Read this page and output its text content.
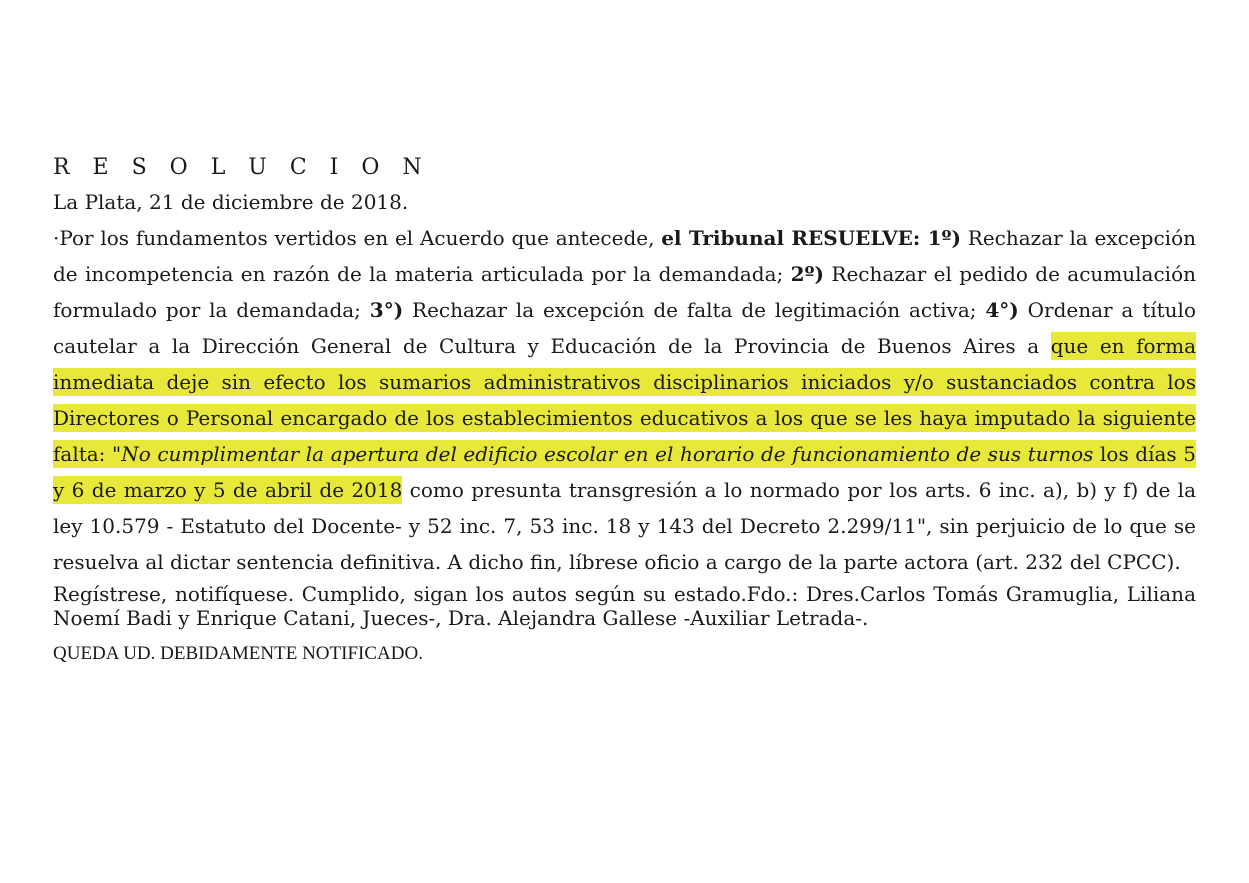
R E S O L U C I O N

La Plata, 21 de diciembre de 2018.

·Por los fundamentos vertidos en el Acuerdo que antecede, el Tribunal RESUELVE: 1º) Rechazar la excepción de incompetencia en razón de la materia articulada por la demandada; 2º) Rechazar el pedido de acumulación formulado por la demandada; 3°) Rechazar la excepción de falta de legitimación activa; 4°) Ordenar a título cautelar a la Dirección General de Cultura y Educación de la Provincia de Buenos Aires a que en forma inmediata deje sin efecto los sumarios administrativos disciplinarios iniciados y/o sustanciados contra los Directores o Personal encargado de los establecimientos educativos a los que se les haya imputado la siguiente falta: "No cumplimentar la apertura del edificio escolar en el horario de funcionamiento de sus turnos los días 5 y 6 de marzo y 5 de abril de 2018 como presunta transgresión a lo normado por los arts. 6 inc. a), b) y f) de la ley 10.579 - Estatuto del Docente- y 52 inc. 7, 53 inc. 18 y 143 del Decreto 2.299/11", sin perjuicio de lo que se resuelva al dictar sentencia definitiva. A dicho fin, líbrese oficio a cargo de la parte actora (art. 232 del CPCC).

Regístrese, notifíquese. Cumplido, sigan los autos según su estado.Fdo.: Dres.Carlos Tomás Gramuglia, Liliana Noemí Badi y Enrique Catani, Jueces-, Dra. Alejandra Gallese -Auxiliar Letrada-.

QUEDA UD. DEBIDAMENTE NOTIFICADO.
